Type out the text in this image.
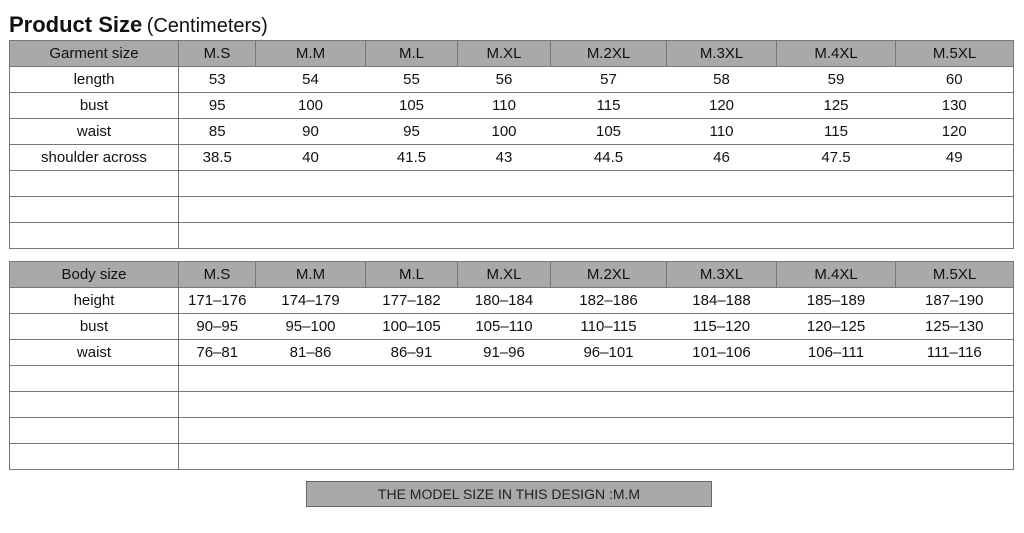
Product Size (Centimeters)
Garment size	M.S	M.M	M.L	M.XL	M.2XL	M.3XL	M.4XL	M.5XL
length	53	54	55	56	57	58	59	60
bust	95	100	105	110	115	120	125	130
waist	85	90	95	100	105	110	115	120
shoulder across	38.5	40	41.5	43	44.5	46	47.5	49

Body size	M.S	M.M	M.L	M.XL	M.2XL	M.3XL	M.4XL	M.5XL
height	171–176	174–179	177–182	180–184	182–186	184–188	185–189	187–190
bust	90–95	95–100	100–105	105–110	110–115	115–120	120–125	125–130
waist	76–81	81–86	86–91	91–96	96–101	101–106	106–111	111–116

THE MODEL SIZE IN THIS DESIGN :M.M
